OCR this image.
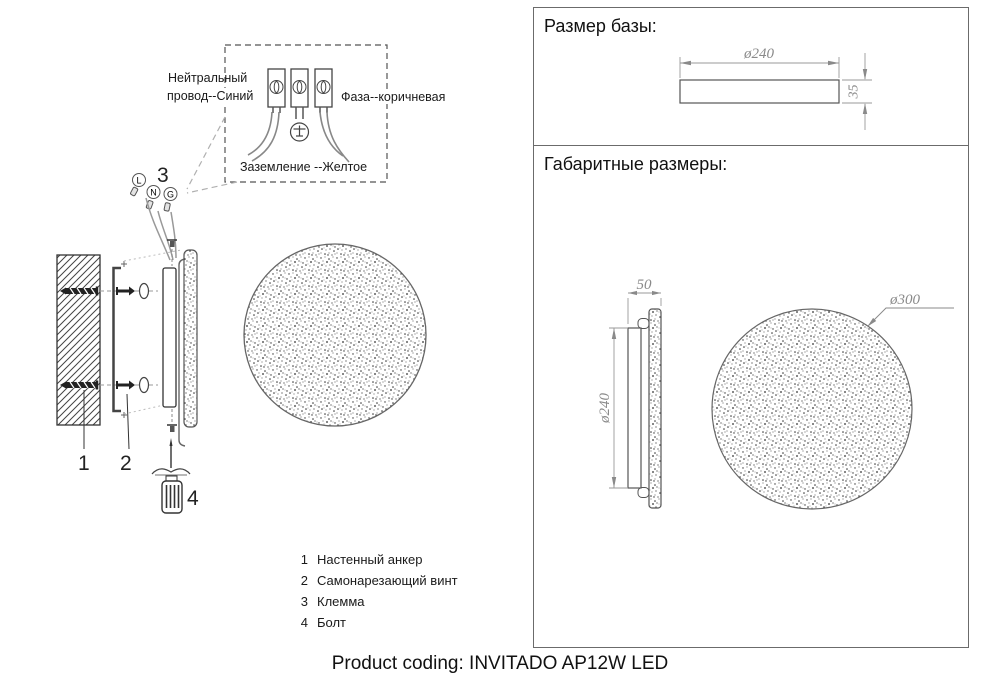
Нейтральный
провод--Синий	Фаза--коричневая
Заземление --Желтое
3
L
N G
1 2
4
1 Настенный анкер
2 Самонарезающий винт
3 Клемма
4 Болт
Размер базы:
ø240
35
Габаритные размеры:
50
ø240
ø300
Product coding: INVITADO AP12W LED
